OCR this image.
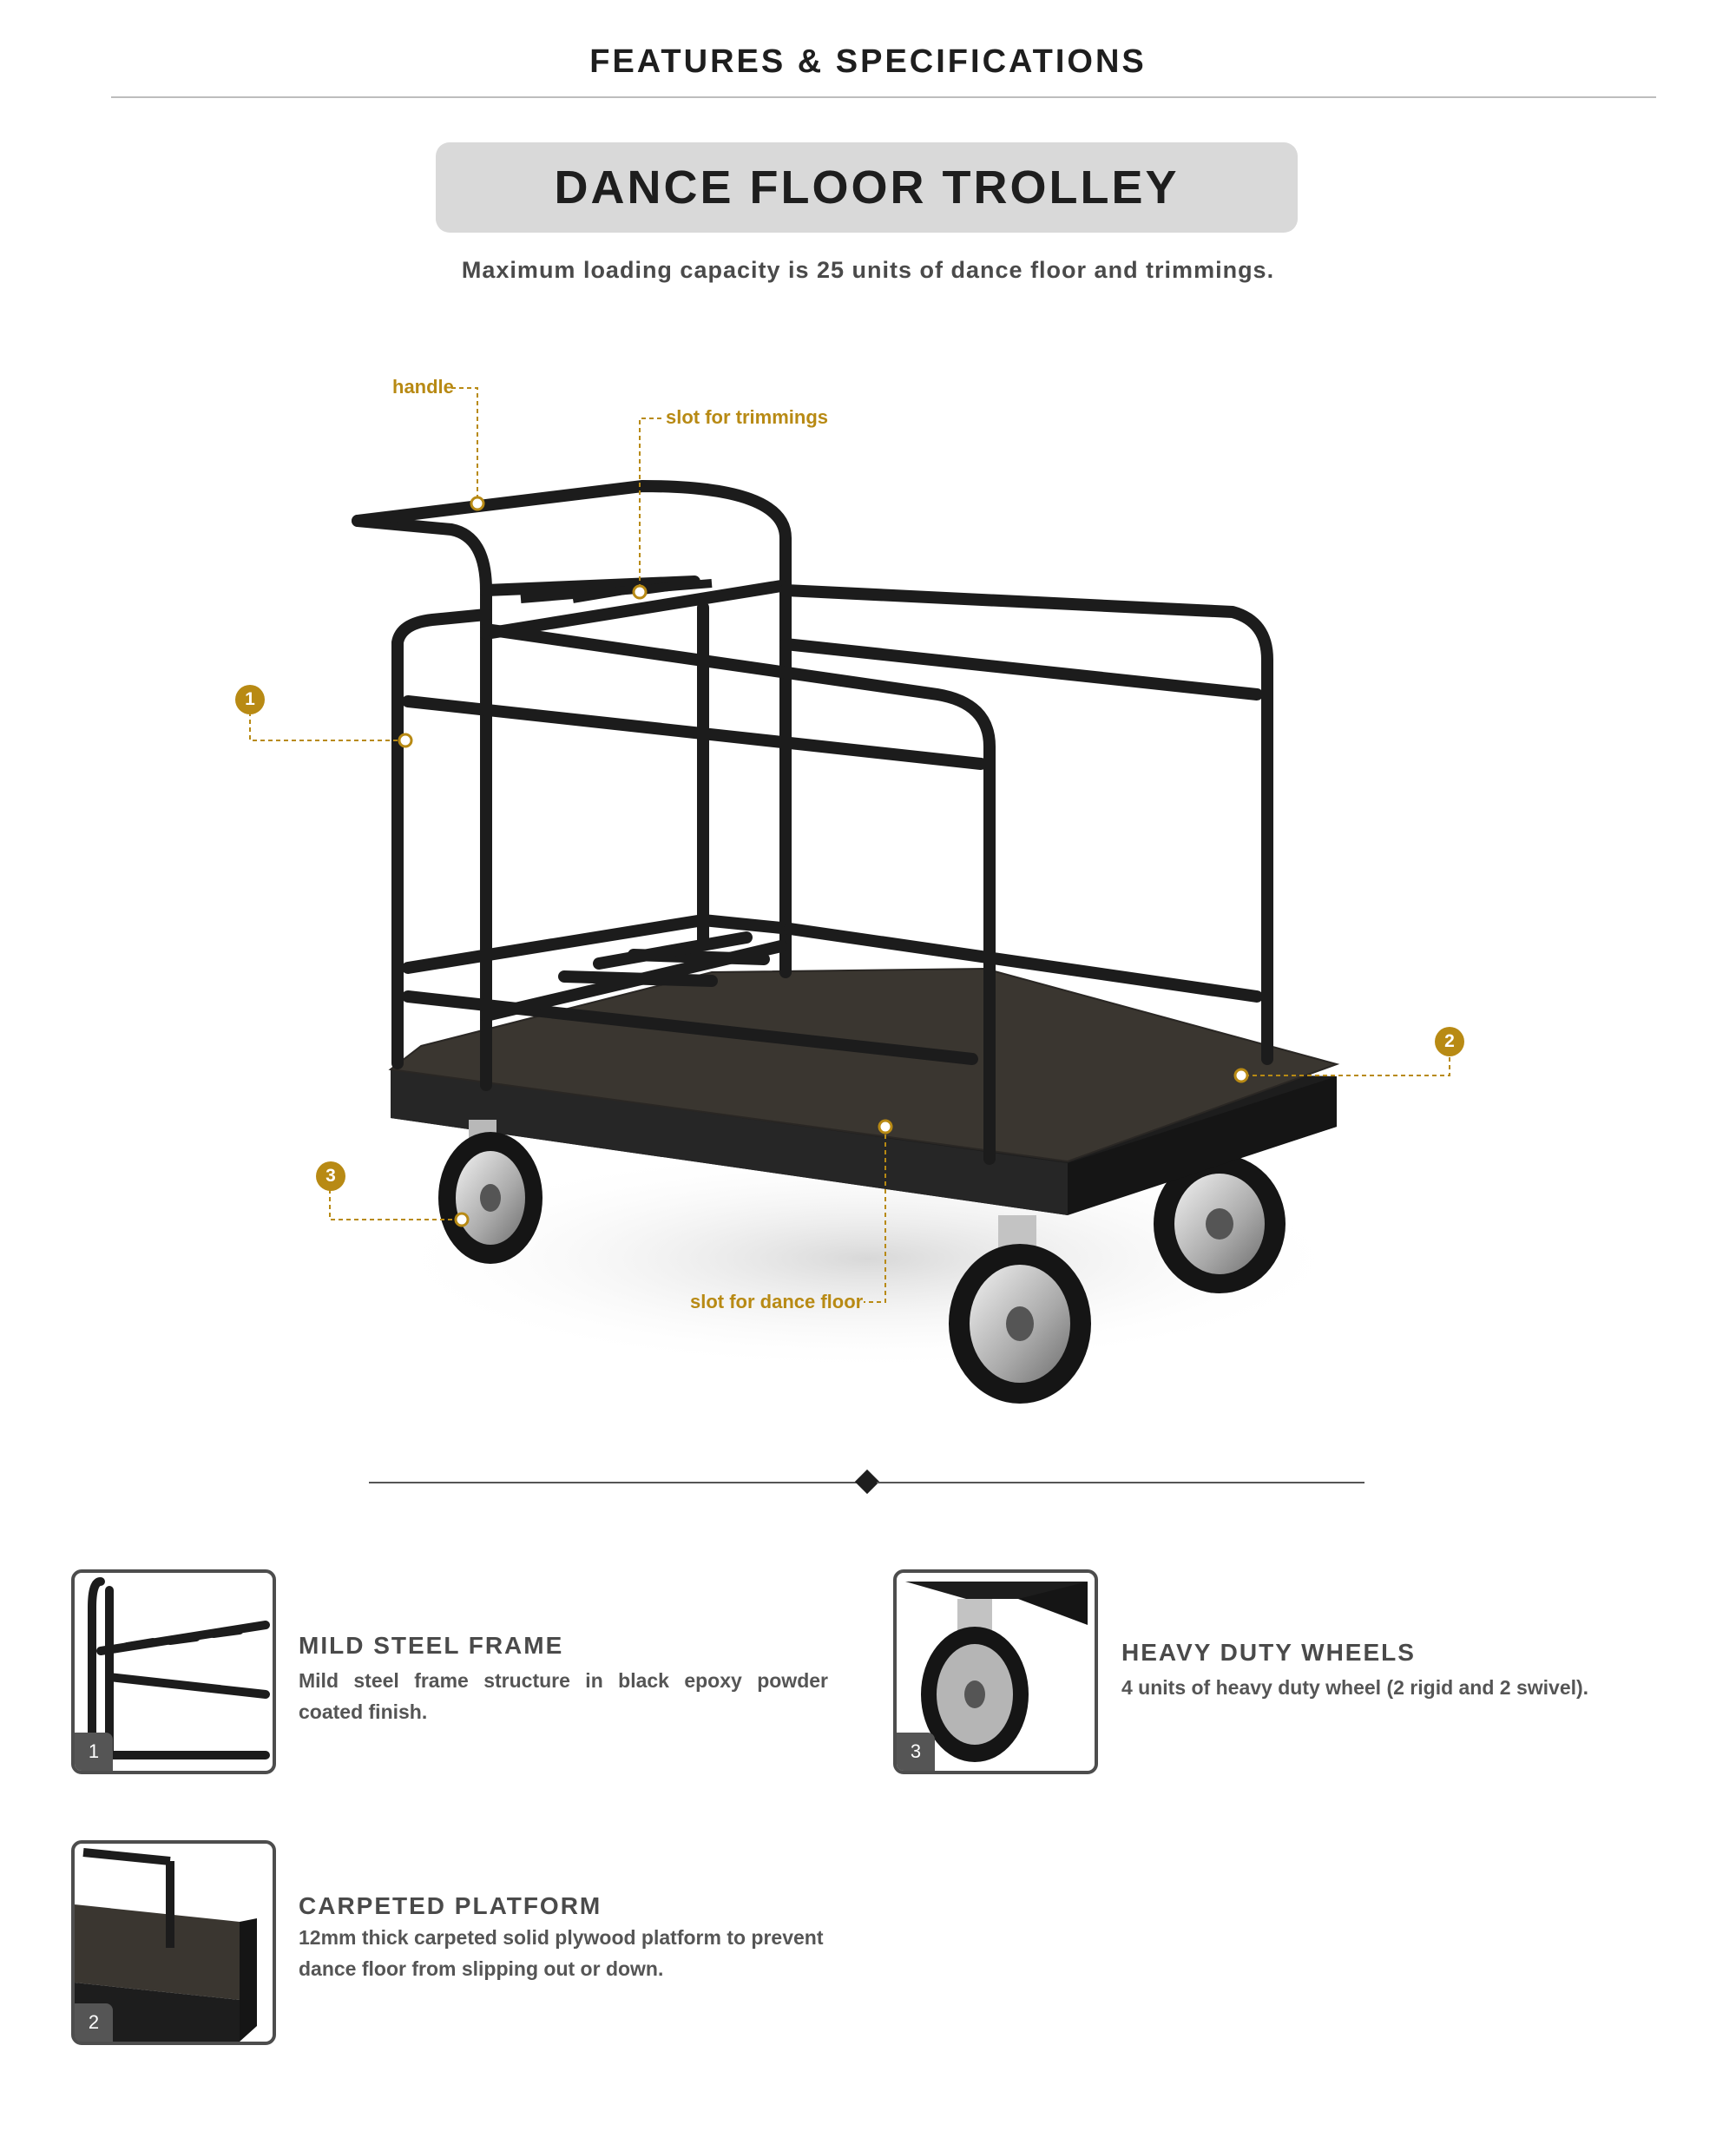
FEATURES & SPECIFICATIONS
DANCE FLOOR TROLLEY
Maximum loading capacity is 25 units of dance floor and trimmings.
handle
slot for trimmings
slot for dance floor
1
2
3
1
MILD STEEL FRAME
Mild steel frame structure in black epoxy powder coated finish.
2
CARPETED PLATFORM
12mm thick carpeted solid plywood platform to prevent dance floor from slipping out or down.
3
HEAVY DUTY WHEELS
4 units of heavy duty wheel (2 rigid and 2 swivel).
